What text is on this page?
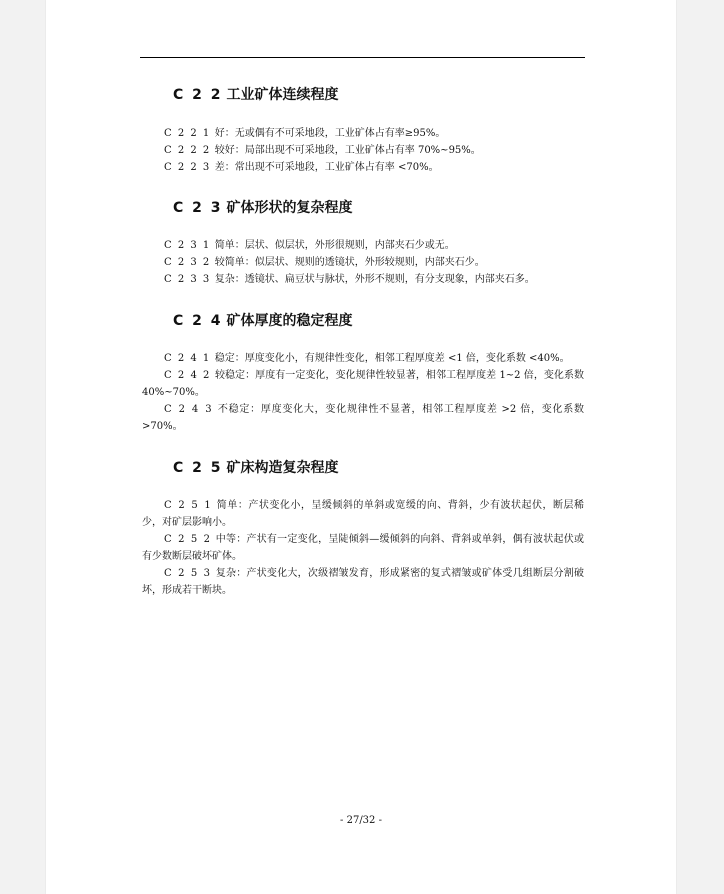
C 2 2 工业矿体连续程度

C 2 2 1 好：无或偶有不可采地段，工业矿体占有率≥95%。

C 2 2 2 较好：局部出现不可采地段，工业矿体占有率 70%~95%。

C 2 2 3 差：常出现不可采地段，工业矿体占有率 <70%。

C 2 3 矿体形状的复杂程度

C 2 3 1 简单：层状、似层状，外形很规则，内部夹石少或无。

C 2 3 2 较简单：似层状、规则的透镜状，外形较规则，内部夹石少。

C 2 3 3 复杂：透镜状、扁豆状与脉状，外形不规则，有分支现象，内部夹石多。

C 2 4 矿体厚度的稳定程度

C 2 4 1 稳定：厚度变化小，有规律性变化，相邻工程厚度差 <1 倍，变化系数 <40%。

C 2 4 2 较稳定：厚度有一定变化，变化规律性较显著，相邻工程厚度差 1~2 倍，变化系数 40%~70%。

C 2 4 3 不稳定：厚度变化大，变化规律性不显著，相邻工程厚度差 >2 倍，变化系数 >70%。

C 2 5 矿床构造复杂程度

C 2 5 1 简单：产状变化小，呈缓倾斜的单斜或宽缓的向、背斜，少有波状起伏，断层稀少，对矿层影响小。

C 2 5 2 中等：产状有一定变化，呈陡倾斜—缓倾斜的向斜、背斜或单斜，偶有波状起伏或有少数断层破坏矿体。

C 2 5 3 复杂：产状变化大，次级褶皱发育，形成紧密的复式褶皱或矿体受几组断层分割破坏，形成若干断块。

- 27/32 -
